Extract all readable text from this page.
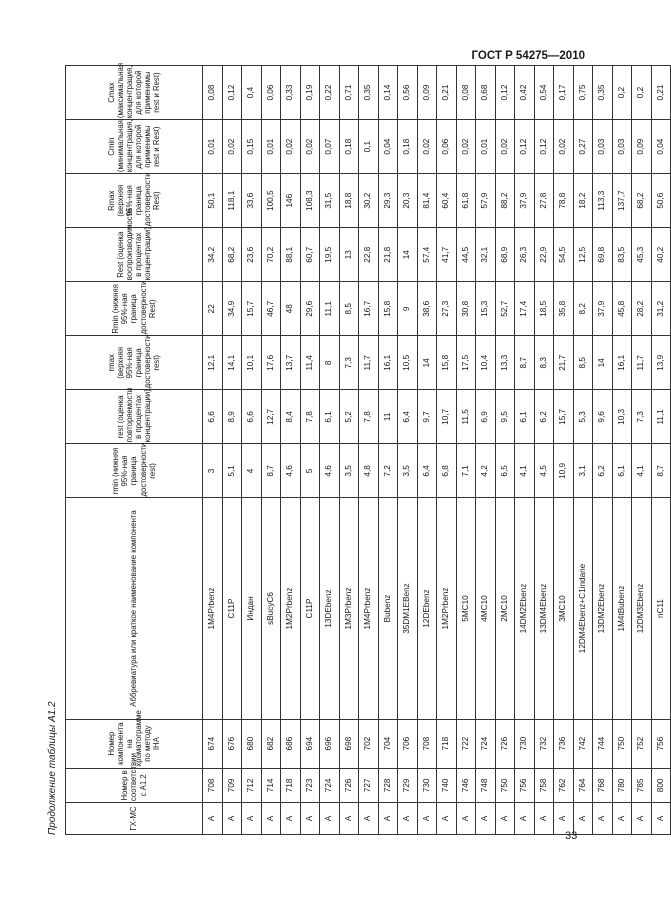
ГОСТ Р 54275—2010
Продолжение таблицы А1.2	ГХ-МС	Номер в соответствии с А1.2	Номер компонента на хроматограмме по методу IHA	Аббревиатура или краткое наименование компонента	rmin (нижняя 95%-ная граница достоверности rest)	rest (оценка повторяемости в процентах концентрации)	rmax (верхняя 95%-ная граница достоверности rest)	Rmin (нижняя 95%-ная граница достоверности Rest)	Rest (оценка воспроизводимости в процентах концентрации)	Rmax (верхняя 95%-ная граница достоверности Rest)	Cmin (минимальная концентрация, для которой применимы rest и Rest)	Cmax (максимальная концентрация, для которой применимы rest и Rest)
А	708	674	1M4Prbenz	3	6,6	12,1	22	34,2	50,1	0,01	0,08
А	709	676	C11P	5,1	8,9	14,1	34,9	68,2	118,1	0,02	0,12
А	712	680	Индан	4	6,6	10,1	15,7	23,6	33,6	0,15	0,4
А	714	682	sBucyC6	8,7	12,7	17,6	46,7	70,2	100,5	0,01	0,06
А	718	686	1M2Prbenz	4,6	8,4	13,7	48	88,1	146	0,02	0,33
А	723	694	C11P	5	7,8	11,4	29,6	60,7	108,3	0,02	0,19
А	724	696	13DEbenz	4,6	6,1	8	11,1	19,5	31,5	0,07	0,22
А	726	698	1M3Prbenz	3,5	5,2	7,3	8,5	13	18,8	0,18	0,71
А	727	702	1M4Prbenz	4,8	7,8	11,7	16,7	22,8	30,2	0,1	0,35
А	728	704	Bubenz	7,2	11	16,1	15,8	21,8	29,3	0,04	0,14
А	729	706	35DM1EBenz	3,5	6,4	10,5	9	14	20,3	0,18	0,56
А	730	708	12DEbenz	6,4	9,7	14	38,6	57,4	81,4	0,02	0,09
А	740	718	1M2Prbenz	6,8	10,7	15,8	27,3	41,7	60,4	0,06	0,21
А	746	722	5MC10	7,1	11,5	17,5	30,8	44,5	61,8	0,02	0,08
А	748	724	4MC10	4,2	6,9	10,4	15,3	32,1	57,9	0,01	0,68
А	750	726	2MC10	6,5	9,5	13,3	52,7	68,9	88,2	0,02	0,12
А	756	730	14DM2Ebenz	4,1	6,1	8,7	17,4	26,3	37,9	0,12	0,42
А	758	732	13DM4Ebenz	4,5	6,2	8,3	18,5	22,9	27,8	0,12	0,54
А	762	736	3MC10	10,9	15,7	21,7	35,8	54,5	78,8	0,02	0,17
А	764	742	12DM4Ebenz+C1indane	3,1	5,3	8,5	8,2	12,5	18,2	0,27	0,75
А	768	744	13DM2Ebenz	6,2	9,6	14	37,9	69,8	113,3	0,03	0,35
А	780	750	1M4tBubenz	6,1	10,3	16,1	45,8	83,5	137,7	0,03	0,2
А	785	752	12DM3Ebenz	4,1	7,3	11,7	28,2	45,3	68,2	0,09	0,2
А	800	756	nC11	8,7	11,1	13,9	31,2	40,2	50,6	0,04	0,21
33
